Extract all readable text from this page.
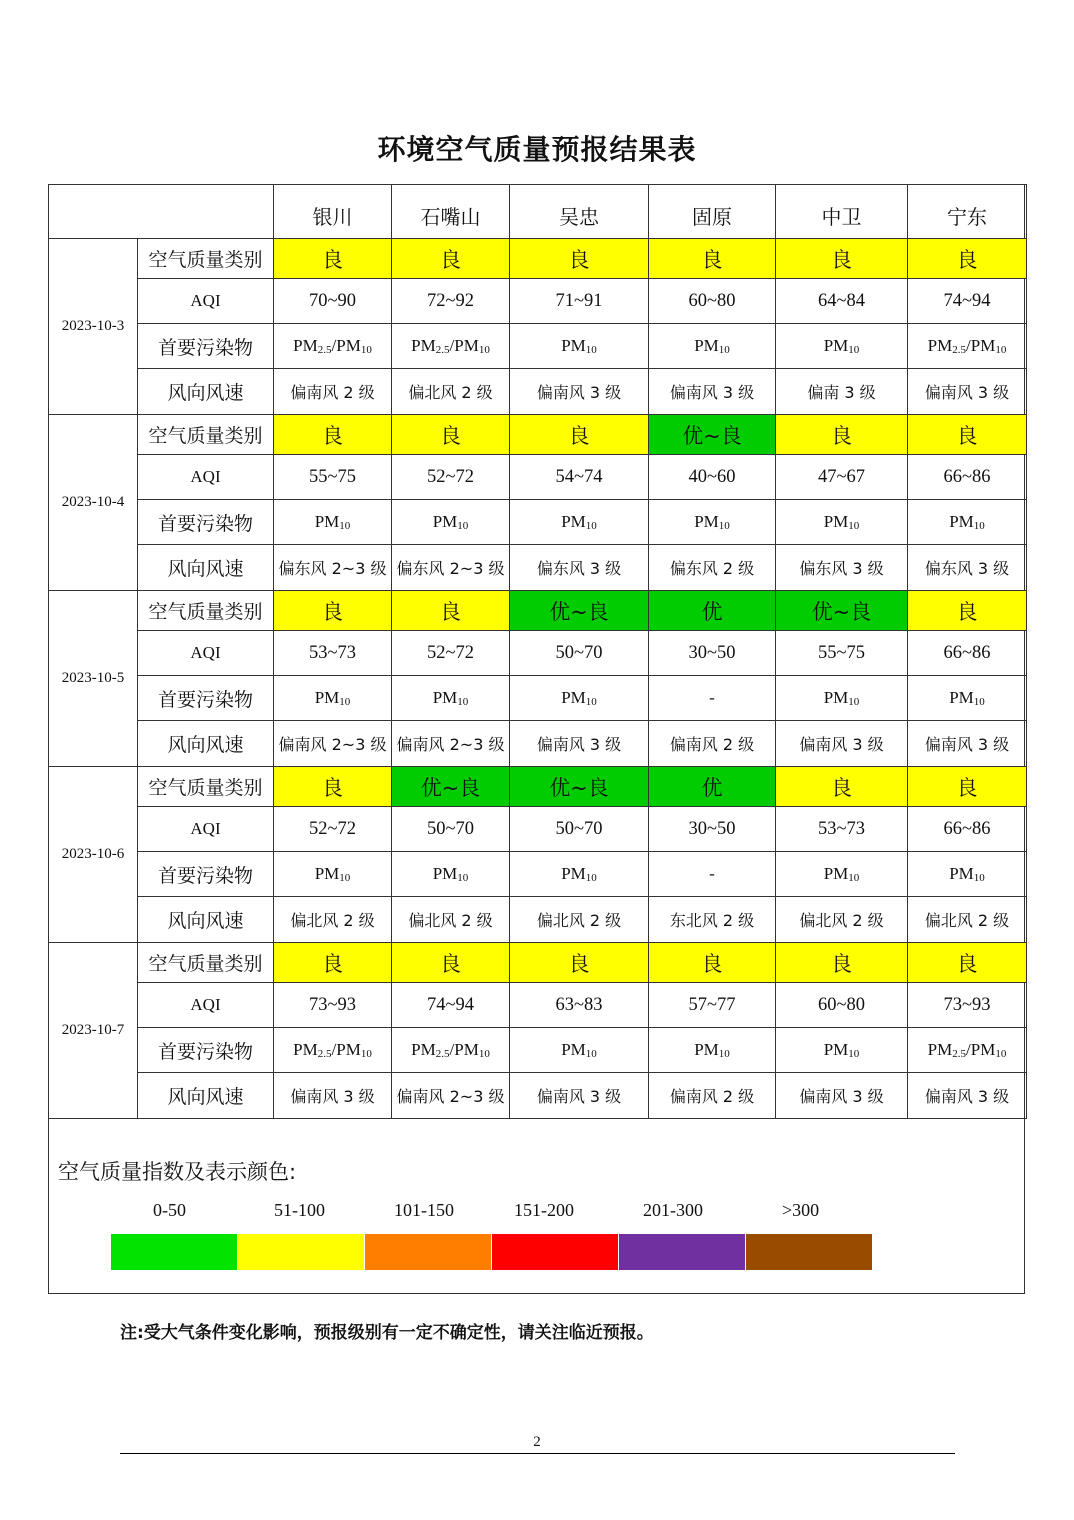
环境空气质量预报结果表
		银川	石嘴山	吴忠	固原	中卫	宁东
2023-10-3	空气质量类别	良	良	良	良	良	良
	AQI	70~90	72~92	71~91	60~80	64~84	74~94
	首要污染物	$PM_{2.5}/PM_{10}$	$PM_{2.5}/PM_{10}$	$PM_{10}$	$PM_{10}$	$PM_{10}$	$PM_{2.5}/PM_{10}$
	风向风速	偏南风 2 级	偏北风 2 级	偏南风 3 级	偏南风 3 级	偏南 3 级	偏南风 3 级
2023-10-4	空气质量类别	良	良	良	优~良	良	良
	AQI	55~75	52~72	54~74	40~60	47~67	66~86
	首要污染物	$PM_{10}$	$PM_{10}$	$PM_{10}$	$PM_{10}$	$PM_{10}$	$PM_{10}$
	风向风速	偏东风 2~3 级	偏东风 2~3 级	偏东风 3 级	偏东风 2 级	偏东风 3 级	偏东风 3 级
2023-10-5	空气质量类别	良	良	优~良	优	优~良	良
	AQI	53~73	52~72	50~70	30~50	55~75	66~86
	首要污染物	$PM_{10}$	$PM_{10}$	$PM_{10}$	-	$PM_{10}$	$PM_{10}$
	风向风速	偏南风 2~3 级	偏南风 2~3 级	偏南风 3 级	偏南风 2 级	偏南风 3 级	偏南风 3 级
2023-10-6	空气质量类别	良	优~良	优~良	优	良	良
	AQI	52~72	50~70	50~70	30~50	53~73	66~86
	首要污染物	$PM_{10}$	$PM_{10}$	$PM_{10}$	-	$PM_{10}$	$PM_{10}$
	风向风速	偏北风 2 级	偏北风 2 级	偏北风 2 级	东北风 2 级	偏北风 2 级	偏北风 2 级
2023-10-7	空气质量类别	良	良	良	良	良	良
	AQI	73~93	74~94	63~83	57~77	60~80	73~93
	首要污染物	$PM_{2.5}/PM_{10}$	$PM_{2.5}/PM_{10}$	$PM_{10}$	$PM_{10}$	$PM_{10}$	$PM_{2.5}/PM_{10}$
	风向风速	偏南风 3 级	偏南风 2~3 级	偏南风 3 级	偏南风 2 级	偏南风 3 级	偏南风 3 级
空气质量指数及表示颜色:
0-50	51-100	101-150	151-200	201-300	>300
注:受大气条件变化影响，预报级别有一定不确定性，请关注临近预报。
2
